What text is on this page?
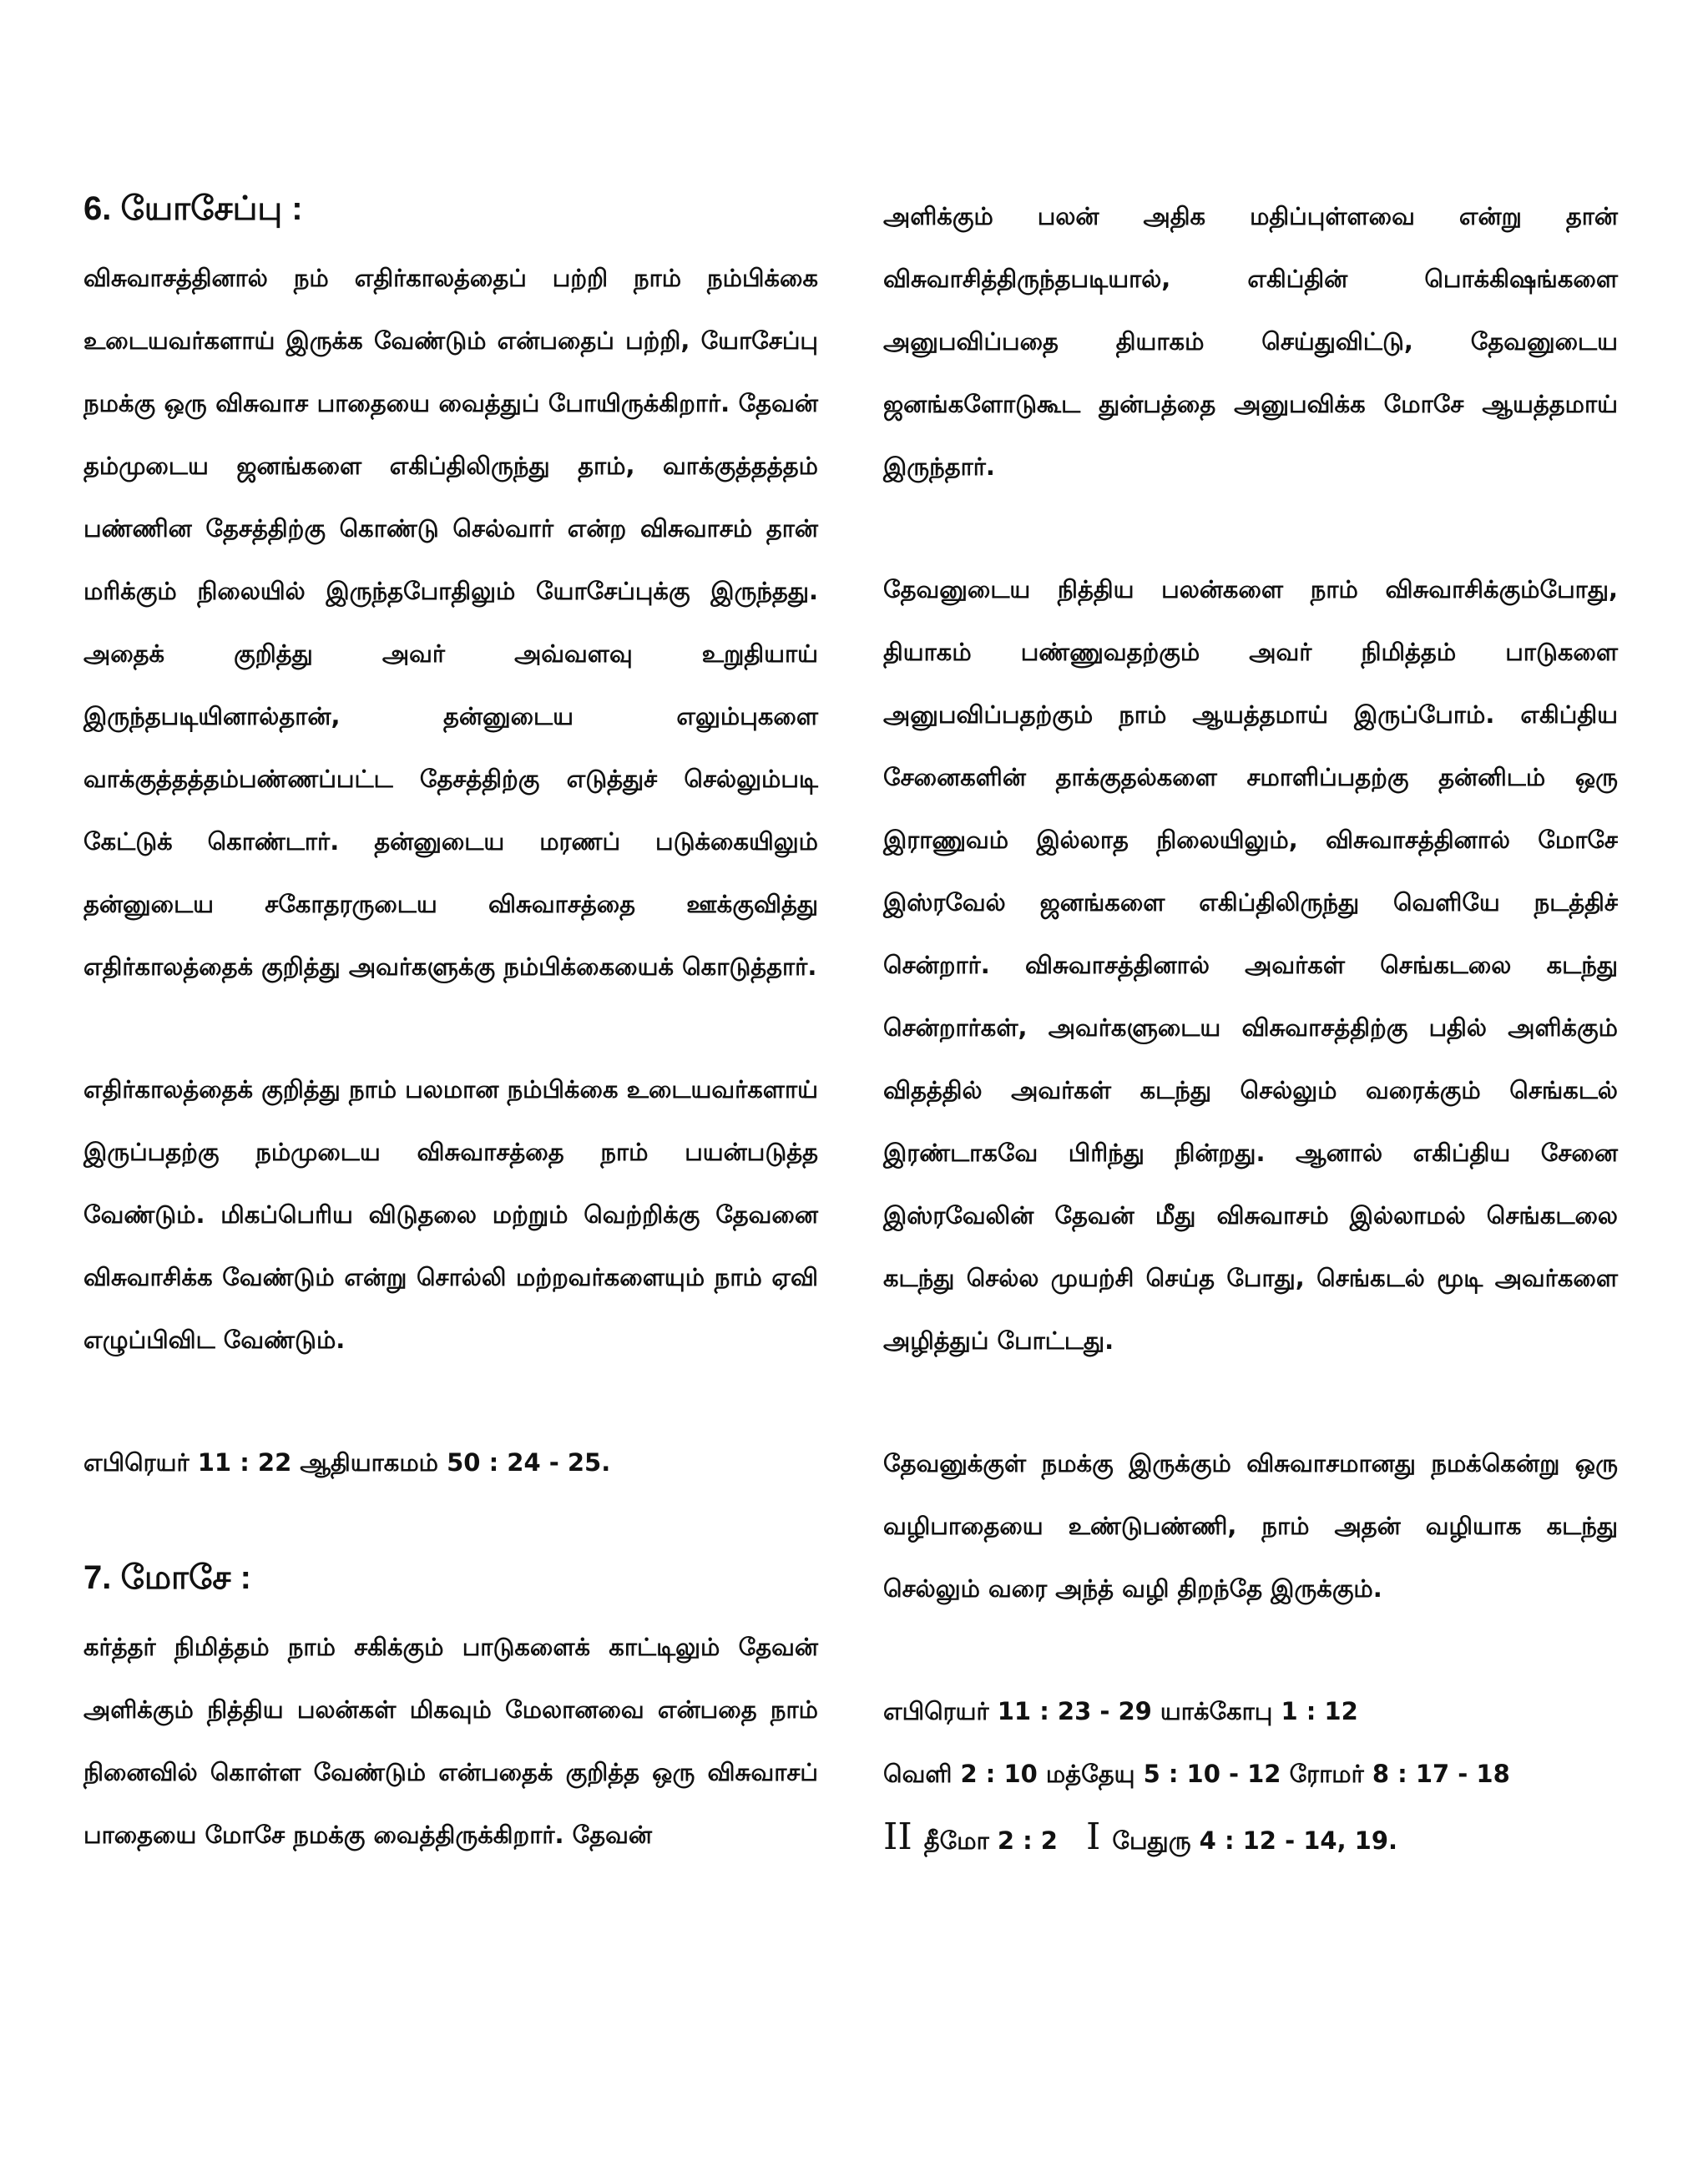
6. யோசேப்பு :

விசுவாசத்தினால் நம் எதிர்காலத்தைப் பற்றி நாம் நம்பிக்கை உடையவர்களாய் இருக்க வேண்டும் என்பதைப் பற்றி, யோசேப்பு நமக்கு ஒரு விசுவாச பாதையை வைத்துப் போயிருக்கிறார். தேவன் தம்முடைய ஜனங்களை எகிப்திலிருந்து தாம், வாக்குத்தத்தம் பண்ணின தேசத்திற்கு கொண்டு செல்வார் என்ற விசுவாசம் தான் மரிக்கும் நிலையில் இருந்தபோதிலும் யோசேப்புக்கு இருந்தது. அதைக் குறித்து அவர் அவ்வளவு உறுதியாய் இருந்தபடியினால்தான், தன்னுடைய எலும்புகளை வாக்குத்தத்தம்பண்ணப்பட்ட தேசத்திற்கு எடுத்துச் செல்லும்படி கேட்டுக் கொண்டார். தன்னுடைய மரணப் படுக்கையிலும் தன்னுடைய சகோதரருடைய விசுவாசத்தை ஊக்குவித்து எதிர்காலத்தைக் குறித்து அவர்களுக்கு நம்பிக்கையைக் கொடுத்தார்.

எதிர்காலத்தைக் குறித்து நாம் பலமான நம்பிக்கை உடையவர்களாய் இருப்பதற்கு நம்முடைய விசுவாசத்தை நாம் பயன்படுத்த வேண்டும். மிகப்பெரிய விடுதலை மற்றும் வெற்றிக்கு தேவனை விசுவாசிக்க வேண்டும் என்று சொல்லி மற்றவர்களையும் நாம் ஏவி எழுப்பிவிட வேண்டும்.

எபிரெயர் 11 : 22 ஆதியாகமம் 50 : 24 - 25.

7. மோசே :

கர்த்தர் நிமித்தம் நாம் சகிக்கும் பாடுகளைக் காட்டிலும் தேவன் அளிக்கும் நித்திய பலன்கள் மிகவும் மேலானவை என்பதை நாம் நினைவில் கொள்ள வேண்டும் என்பதைக் குறித்த ஒரு விசுவாசப் பாதையை மோசே நமக்கு வைத்திருக்கிறார். தேவன்

அளிக்கும் பலன் அதிக மதிப்புள்ளவை என்று தான் விசுவாசித்திருந்தபடியால், எகிப்தின் பொக்கிஷங்களை அனுபவிப்பதை தியாகம் செய்துவிட்டு, தேவனுடைய ஜனங்களோடுகூட துன்பத்தை அனுபவிக்க மோசே ஆயத்தமாய் இருந்தார்.

தேவனுடைய நித்திய பலன்களை நாம் விசுவாசிக்கும்போது, தியாகம் பண்ணுவதற்கும் அவர் நிமித்தம் பாடுகளை அனுபவிப்பதற்கும் நாம் ஆயத்தமாய் இருப்போம். எகிப்திய சேனைகளின் தாக்குதல்களை சமாளிப்பதற்கு தன்னிடம் ஒரு இராணுவம் இல்லாத நிலையிலும், விசுவாசத்தினால் மோசே இஸ்ரவேல் ஜனங்களை எகிப்திலிருந்து வெளியே நடத்திச் சென்றார். விசுவாசத்தினால் அவர்கள் செங்கடலை கடந்து சென்றார்கள், அவர்களுடைய விசுவாசத்திற்கு பதில் அளிக்கும் விதத்தில் அவர்கள் கடந்து செல்லும் வரைக்கும் செங்கடல் இரண்டாகவே பிரிந்து நின்றது. ஆனால் எகிப்திய சேனை இஸ்ரவேலின் தேவன் மீது விசுவாசம் இல்லாமல் செங்கடலை கடந்து செல்ல முயற்சி செய்த போது, செங்கடல் மூடி அவர்களை அழித்துப் போட்டது.

தேவனுக்குள் நமக்கு இருக்கும் விசுவாசமானது நமக்கென்று ஒரு வழிபாதையை உண்டுபண்ணி, நாம் அதன் வழியாக கடந்து செல்லும் வரை அந்த் வழி திறந்தே இருக்கும்.

எபிரெயர் 11 : 23 - 29 யாக்கோபு 1 : 12
வெளி 2 : 10 மத்தேயு 5 : 10 - 12 ரோமர் 8 : 17 - 18
II தீமோ 2 : 2 I பேதுரு 4 : 12 - 14, 19.
